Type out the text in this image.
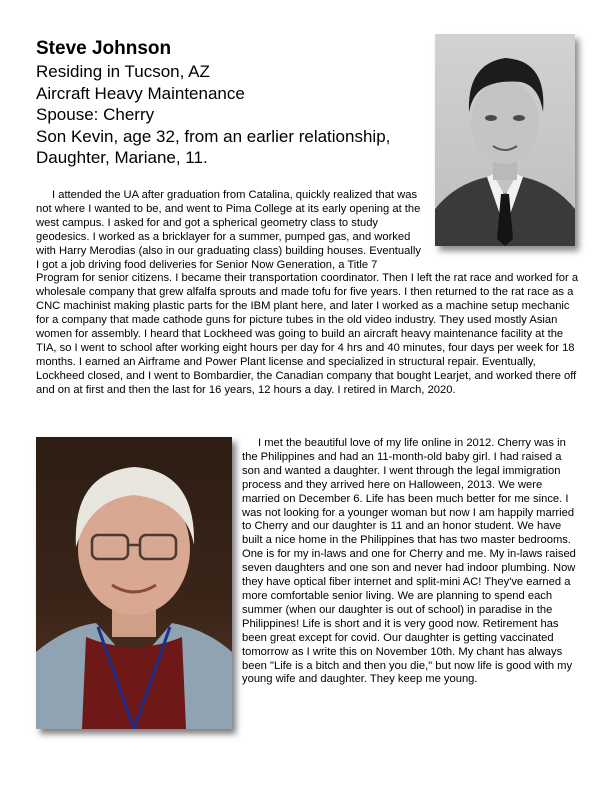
Steve Johnson

Residing in Tucson, AZ

Aircraft Heavy Maintenance

Spouse: Cherry

Son Kevin, age 32, from an earlier relationship,

Daughter, Mariane, 11.

I attended the UA after graduation from Catalina, quickly realized that was not where I wanted to be, and went to Pima College at its early opening at the west campus. I asked for and got a spherical geometry class to study geodesics. I worked as a bricklayer for a summer, pumped gas, and worked with Harry Merodias (also in our graduating class) building houses. Eventually I got a job driving food deliveries for Senior Now Generation, a Title 7 Program for senior citizens. I became their transportation coordinator. Then I left the rat race and worked for a wholesale company that grew alfalfa sprouts and made tofu for five years. I then returned to the rat race as a CNC machinist making plastic parts for the IBM plant here, and later I worked as a machine setup mechanic for a company that made cathode guns for picture tubes in the old video industry. They used mostly Asian women for assembly. I heard that Lockheed was going to build an aircraft heavy maintenance facility at the TIA, so I went to school after working eight hours per day for 4 hrs and 40 minutes, four days per week for 18 months. I earned an Airframe and Power Plant license and specialized in structural repair. Eventually, Lockheed closed, and I went to Bombardier, the Canadian company that bought Learjet, and worked there off and on at first and then the last for 16 years, 12 hours a day. I retired in March, 2020.

I met the beautiful love of my life online in 2012. Cherry was in the Philippines and had an 11-month-old baby girl. I had raised a son and wanted a daughter. I went through the legal immigration process and they arrived here on Halloween, 2013. We were married on December 6. Life has been much better for me since. I was not looking for a younger woman but now I am happily married to Cherry and our daughter is 11 and an honor student. We have built a nice home in the Philippines that has two master bedrooms. One is for my in-laws and one for Cherry and me. My in-laws raised seven daughters and one son and never had indoor plumbing. Now they have optical fiber internet and split-mini AC! They've earned a more comfortable senior living. We are planning to spend each summer (when our daughter is out of school) in paradise in the Philippines! Life is short and it is very good now. Retirement has been great except for covid. Our daughter is getting vaccinated tomorrow as I write this on November 10th. My chant has always been "Life is a bitch and then you die," but now life is good with my young wife and daughter. They keep me young.
